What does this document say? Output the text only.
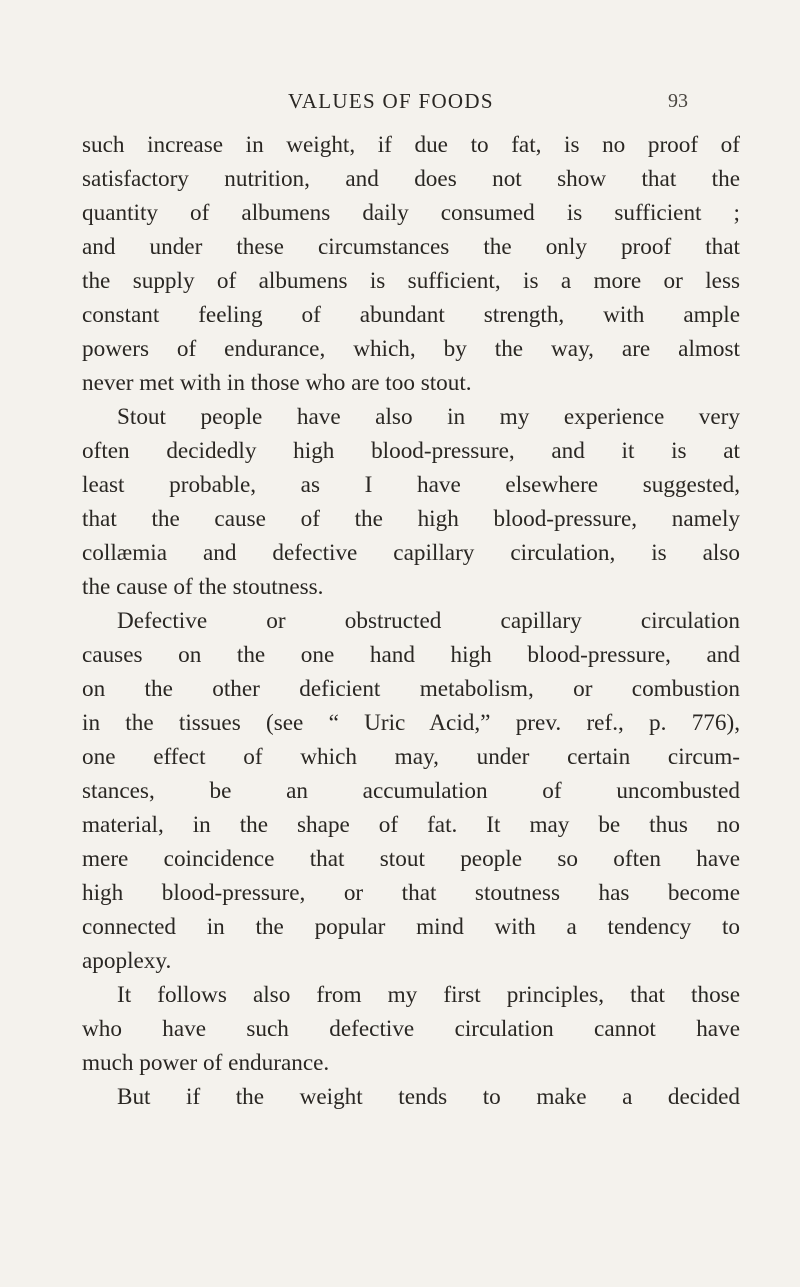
VALUES OF FOODS	93
such increase in weight, if due to fat, is no proof of
satisfactory nutrition, and does not show that the
quantity of albumens daily consumed is sufficient ;
and under these circumstances the only proof that
the supply of albumens is sufficient, is a more or less
constant feeling of abundant strength, with ample
powers of endurance, which, by the way, are almost
never met with in those who are too stout.
Stout people have also in my experience very
often decidedly high blood-pressure, and it is at
least probable, as I have elsewhere suggested,
that the cause of the high blood-pressure, namely
collæmia and defective capillary circulation, is also
the cause of the stoutness.
Defective or obstructed capillary circulation
causes on the one hand high blood-pressure, and
on the other deficient metabolism, or combustion
in the tissues (see “ Uric Acid,” prev. ref., p. 776),
one effect of which may, under certain circum-
stances, be an accumulation of uncombusted
material, in the shape of fat. It may be thus no
mere coincidence that stout people so often have
high blood-pressure, or that stoutness has become
connected in the popular mind with a tendency to
apoplexy.
It follows also from my first principles, that those
who have such defective circulation cannot have
much power of endurance.
But if the weight tends to make a decided
